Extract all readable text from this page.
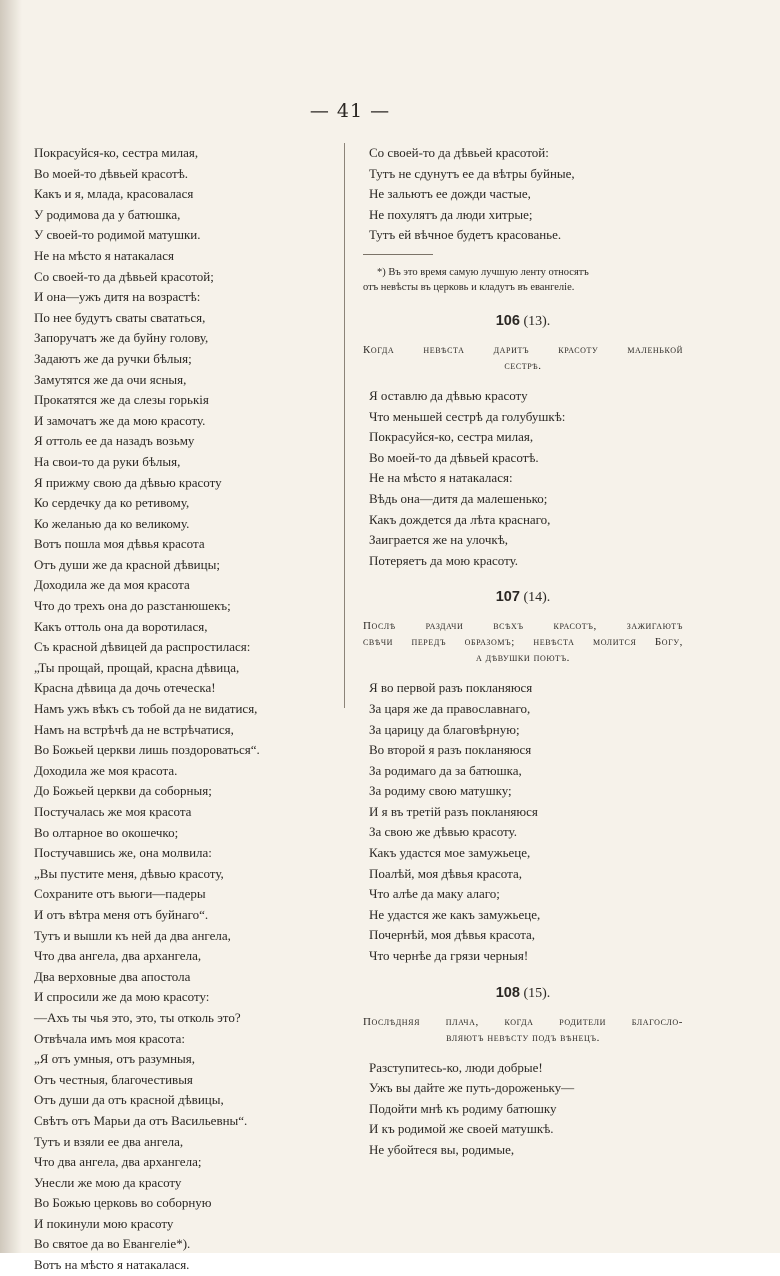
— 41 —
Покрасуйся-ко, сестра милая,
Во моей-то дѣвьей красотѣ.
Какъ и я, млада, красовалася
У родимова да у батюшка,
У своей-то родимой матушки.
Не на мѣсто я натакалася
Со своей-то да дѣвьей красотой;
И она—ужъ дитя на возрастѣ:
По нее будутъ сваты свататься,
Запоручатъ же да буйну голову,
Задаютъ же да ручки бѣлыя;
Замутятся же да очи ясныя,
Прокатятся же да слезы горькія
И замочатъ же да мою красоту.
Я оттоль ее да назадъ возьму
На свои-то да руки бѣлыя,
Я прижму свою да дѣвью красоту
Ко сердечку да ко ретивому,
Ко желанью да ко великому.
Вотъ пошла моя дѣвья красота
Отъ души же да красной дѣвицы;
Доходила же да моя красота
Что до трехъ она до разстанюшекъ;
Какъ оттоль она да воротилася,
Съ красной дѣвицей да распростилася:
„Ты прощай, прощай, красна дѣвица,
Красна дѣвица да дочь отеческа!
Намъ ужъ вѣкъ съ тобой да не видатися,
Намъ на встрѣчѣ да не встрѣчатися,
Во Божьей церкви лишь поздороваться“.
Доходила же моя красота.
До Божьей церкви да соборныя;
Постучалась же моя красота
Во олтарное во окошечко;
Постучавшись же, она молвила:
„Вы пустите меня, дѣвью красоту,
Сохраните отъ вьюги—падеры
И отъ вѣтра меня отъ буйнаго“.
Тутъ и вышли къ ней да два ангела,
Что два ангела, два архангела,
Два верховные два апостола
И спросили же да мою красоту:
—Ахъ ты чья это, это, ты отколь это?
Отвѣчала имъ моя красота:
„Я отъ умныя, отъ разумныя,
Отъ честныя, благочестивыя
Отъ души да отъ красной дѣвицы,
Свѣтъ отъ Марьи да отъ Васильевны“.
Тутъ и взяли ее два ангела,
Что два ангела, два архангела;
Унесли же мою да красоту
Во Божью церковь во соборную
И покинули мою красоту
Во святое да во Евангеліе*).
Вотъ на мѣсто я натакалася.
Со своей-то да дѣвьей красотой:
Тутъ не сдунутъ ее да вѣтры буйные,
Не зальютъ ее дожди частые,
Не похулятъ да люди хитрые;
Тутъ ей вѣчное будетъ красованье.

*) Въ это время самую лучшую ленту относятъ

отъ невѣсты въ церковь и кладутъ въ евангеліе.

106 (13).

Когда невѣста даритъ красоту маленькой

сестрѣ.

Я оставлю да дѣвью красоту
Что меньшей сестрѣ да голубушкѣ:
Покрасуйся-ко, сестра милая,
Во моей-то да дѣвьей красотѣ.
Не на мѣсто я натакалася:
Вѣдь она—дитя да малешенько;
Какъ дождется да лѣта краснаго,
Заиграется же на улочкѣ,
Потеряетъ да мою красоту.
107 (14).

Послѣ раздачи всѣхъ красотъ, зажигаютъ

свѣчи передъ образомъ; невѣста молится Богу,

а дѣвушки поютъ.

Я во первой разъ покланяюся
За царя же да православнаго,
За царицу да благовѣрную;
Во второй я разъ покланяюся
За родимаго да за батюшка,
За родиму свою матушку;
И я въ третій разъ покланяюся
За свою же дѣвью красоту.
Какъ удастся мое замужьеце,
Поалѣй, моя дѣвья красота,
Что алѣе да маку алаго;
Не удастся же какъ замужьеце,
Почернѣй, моя дѣвья красота,
Что чернѣе да грязи черныя!
108 (15).

Послѣдняя плача, когда родители благосло-

вляютъ невѣсту подъ вѣнецъ.

Разступитесь-ко, люди добрые!
Ужъ вы дайте же путь-дороженьку—
Подойти мнѣ къ родиму батюшку
И къ родимой же своей матушкѣ.
Не убойтеся вы, родимые,
